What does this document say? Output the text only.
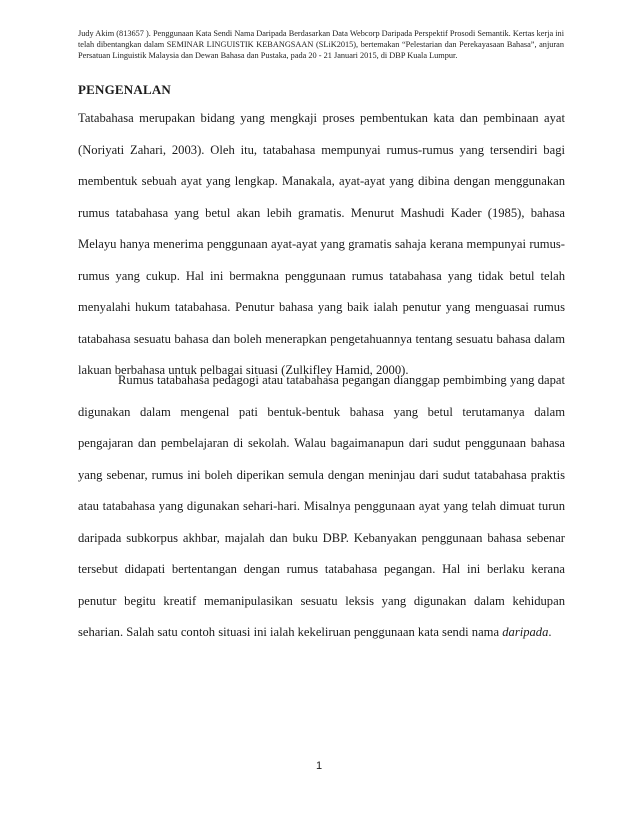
Judy Akim (813657 ). Penggunaan Kata Sendi Nama Daripada Berdasarkan Data Webcorp Daripada Perspektif Prosodi Semantik. Kertas kerja ini telah dibentangkan dalam SEMINAR LINGUISTIK KEBANGSAAN (SLiK2015), bertemakan “Pelestarian dan Perekayasaan Bahasa”, anjuran Persatuan Linguistik Malaysia dan Dewan Bahasa dan Pustaka, pada 20 - 21 Januari 2015, di DBP Kuala Lumpur.
PENGENALAN
Tatabahasa merupakan bidang yang mengkaji proses pembentukan kata dan pembinaan ayat (Noriyati Zahari, 2003). Oleh itu, tatabahasa mempunyai rumus-rumus yang tersendiri bagi membentuk sebuah ayat yang lengkap. Manakala, ayat-ayat yang dibina dengan menggunakan rumus tatabahasa yang betul akan lebih gramatis. Menurut Mashudi Kader (1985), bahasa Melayu hanya menerima penggunaan ayat-ayat yang gramatis sahaja kerana mempunyai rumus-rumus yang cukup. Hal ini bermakna penggunaan rumus tatabahasa yang tidak betul telah menyalahi hukum tatabahasa. Penutur bahasa yang baik ialah penutur yang menguasai rumus tatabahasa sesuatu bahasa dan boleh menerapkan pengetahuannya tentang sesuatu bahasa dalam lakuan berbahasa untuk pelbagai situasi (Zulkifley Hamid, 2000).
Rumus tatabahasa pedagogi atau tatabahasa pegangan dianggap pembimbing yang dapat digunakan dalam mengenal pati bentuk-bentuk bahasa yang betul terutamanya dalam pengajaran dan pembelajaran di sekolah. Walau bagaimanapun dari sudut penggunaan bahasa yang sebenar, rumus ini boleh diperikan semula dengan meninjau dari sudut tatabahasa praktis atau tatabahasa yang digunakan sehari-hari. Misalnya penggunaan ayat yang telah dimuat turun daripada subkorpus akhbar, majalah dan buku DBP. Kebanyakan penggunaan bahasa sebenar tersebut didapati bertentangan dengan rumus tatabahasa pegangan. Hal ini berlaku kerana penutur begitu kreatif memanipulasikan sesuatu leksis yang digunakan dalam kehidupan seharian. Salah satu contoh situasi ini ialah kekeliruan penggunaan kata sendi nama daripada.
1
